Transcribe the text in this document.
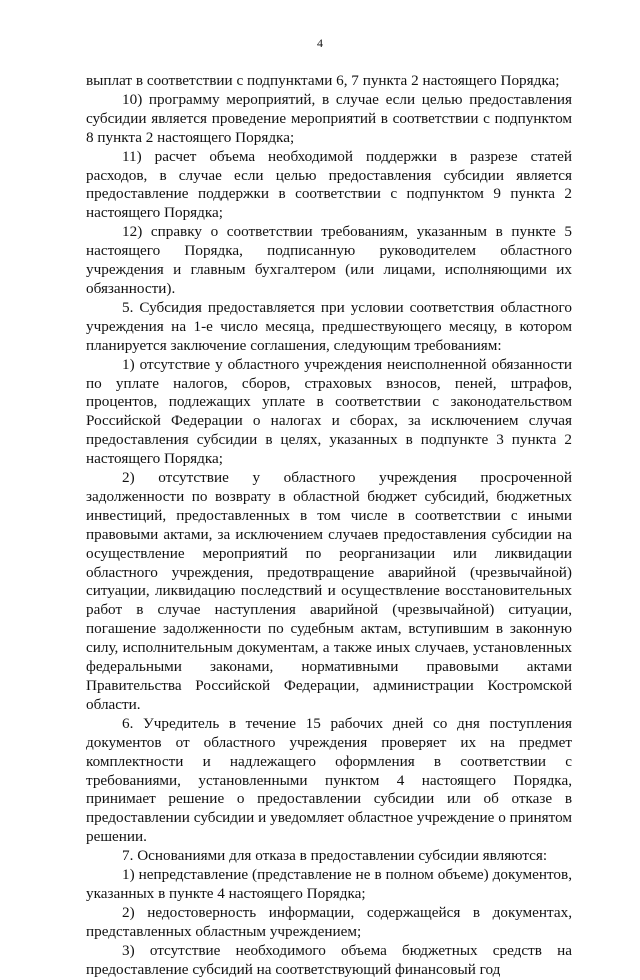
4

выплат в соответствии с подпунктами 6, 7 пункта 2 настоящего Порядка;

10) программу мероприятий, в случае если целью предоставления субсидии является проведение мероприятий в соответствии с подпунктом 8 пункта 2 настоящего Порядка;

11) расчет объема необходимой поддержки в разрезе статей расходов, в случае если целью предоставления субсидии является предоставление поддержки в соответствии с подпунктом 9 пункта 2 настоящего Порядка;

12) справку о соответствии требованиям, указанным в пункте 5 настоящего Порядка, подписанную руководителем областного учреждения и главным бухгалтером (или лицами, исполняющими их обязанности).

5. Субсидия предоставляется при условии соответствия областного учреждения на 1-е число месяца, предшествующего месяцу, в котором планируется заключение соглашения, следующим требованиям:

1) отсутствие у областного учреждения неисполненной обязанности по уплате налогов, сборов, страховых взносов, пеней, штрафов, процентов, подлежащих уплате в соответствии с законодательством Российской Федерации о налогах и сборах, за исключением случая предоставления субсидии в целях, указанных в подпункте 3 пункта 2 настоящего Порядка;

2) отсутствие у областного учреждения просроченной задолженности по возврату в областной бюджет субсидий, бюджетных инвестиций, предоставленных в том числе в соответствии с иными правовыми актами, за исключением случаев предоставления субсидии на осуществление мероприятий по реорганизации или ликвидации областного учреждения, предотвращение аварийной (чрезвычайной) ситуации, ликвидацию последствий и осуществление восстановительных работ в случае наступления аварийной (чрезвычайной) ситуации, погашение задолженности по судебным актам, вступившим в законную силу, исполнительным документам, а также иных случаев, установленных федеральными законами, нормативными правовыми актами Правительства Российской Федерации, администрации Костромской области.

6. Учредитель в течение 15 рабочих дней со дня поступления документов от областного учреждения проверяет их на предмет комплектности и надлежащего оформления в соответствии с требованиями, установленными пунктом 4 настоящего Порядка, принимает решение о предоставлении субсидии или об отказе в предоставлении субсидии и уведомляет областное учреждение о принятом решении.

7. Основаниями для отказа в предоставлении субсидии являются:

1) непредставление (представление не в полном объеме) документов, указанных в пункте 4 настоящего Порядка;

2) недостоверность информации, содержащейся в документах, представленных областным учреждением;

3) отсутствие необходимого объема бюджетных средств на предоставление субсидий на соответствующий финансовый год
